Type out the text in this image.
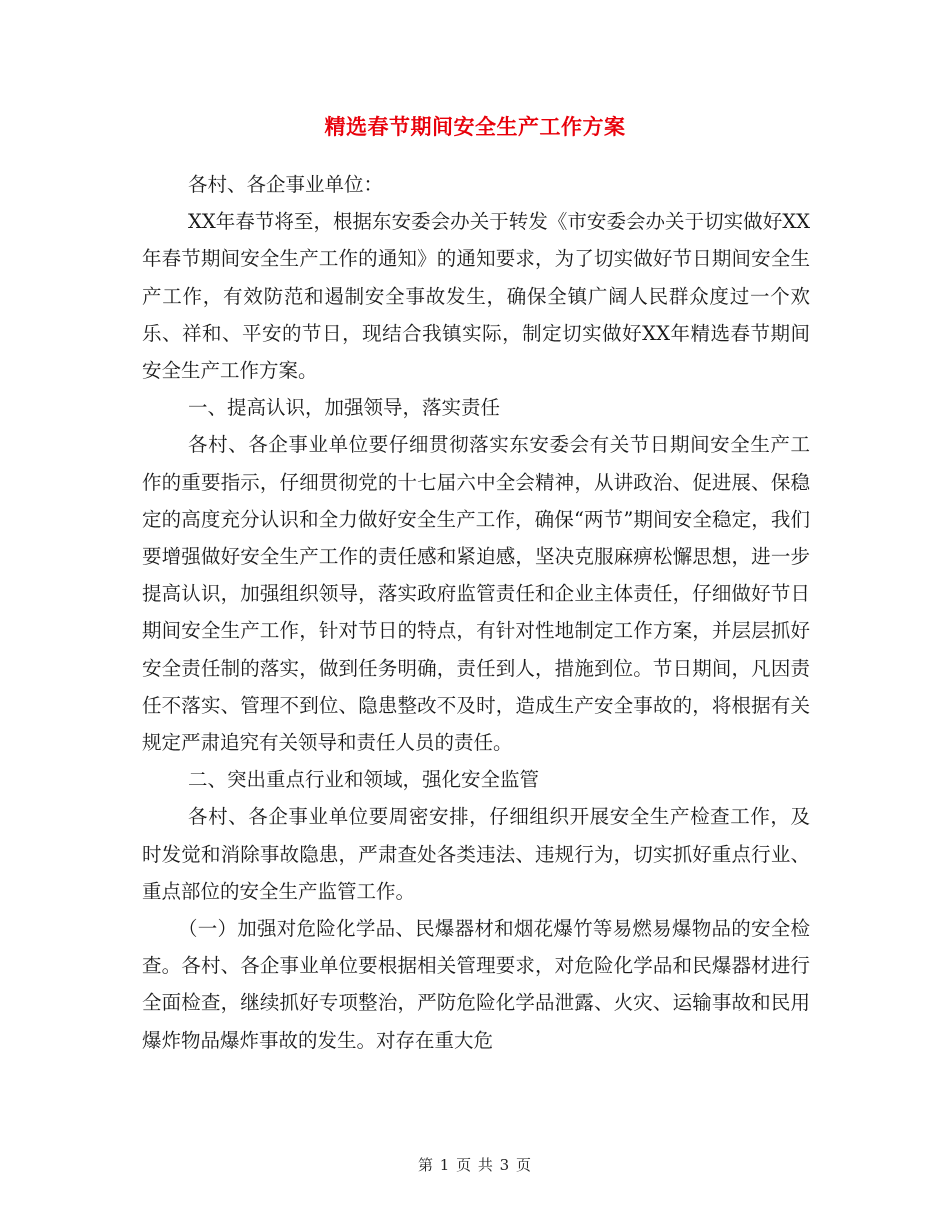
精选春节期间安全生产工作方案

各村、各企事业单位：

XX年春节将至，根据东安委会办关于转发《市安委会办关于切实做好XX年春节期间安全生产工作的通知》的通知要求，为了切实做好节日期间安全生产工作，有效防范和遏制安全事故发生，确保全镇广阔人民群众度过一个欢乐、祥和、平安的节日，现结合我镇实际，制定切实做好XX年精选春节期间安全生产工作方案。

一、提高认识，加强领导，落实责任

各村、各企事业单位要仔细贯彻落实东安委会有关节日期间安全生产工作的重要指示，仔细贯彻党的十七届六中全会精神，从讲政治、促进展、保稳定的高度充分认识和全力做好安全生产工作，确保“两节”期间安全稳定，我们要增强做好安全生产工作的责任感和紧迫感，坚决克服麻痹松懈思想，进一步提高认识，加强组织领导，落实政府监管责任和企业主体责任，仔细做好节日期间安全生产工作，针对节日的特点，有针对性地制定工作方案，并层层抓好安全责任制的落实，做到任务明确，责任到人，措施到位。节日期间，凡因责任不落实、管理不到位、隐患整改不及时，造成生产安全事故的，将根据有关规定严肃追究有关领导和责任人员的责任。

二、突出重点行业和领域，强化安全监管

各村、各企事业单位要周密安排，仔细组织开展安全生产检查工作，及时发觉和消除事故隐患，严肃查处各类违法、违规行为，切实抓好重点行业、重点部位的安全生产监管工作。

（一）加强对危险化学品、民爆器材和烟花爆竹等易燃易爆物品的安全检查。各村、各企事业单位要根据相关管理要求，对危险化学品和民爆器材进行全面检查，继续抓好专项整治，严防危险化学品泄露、火灾、运输事故和民用爆炸物品爆炸事故的发生。对存在重大危

第 1 页 共 3 页
